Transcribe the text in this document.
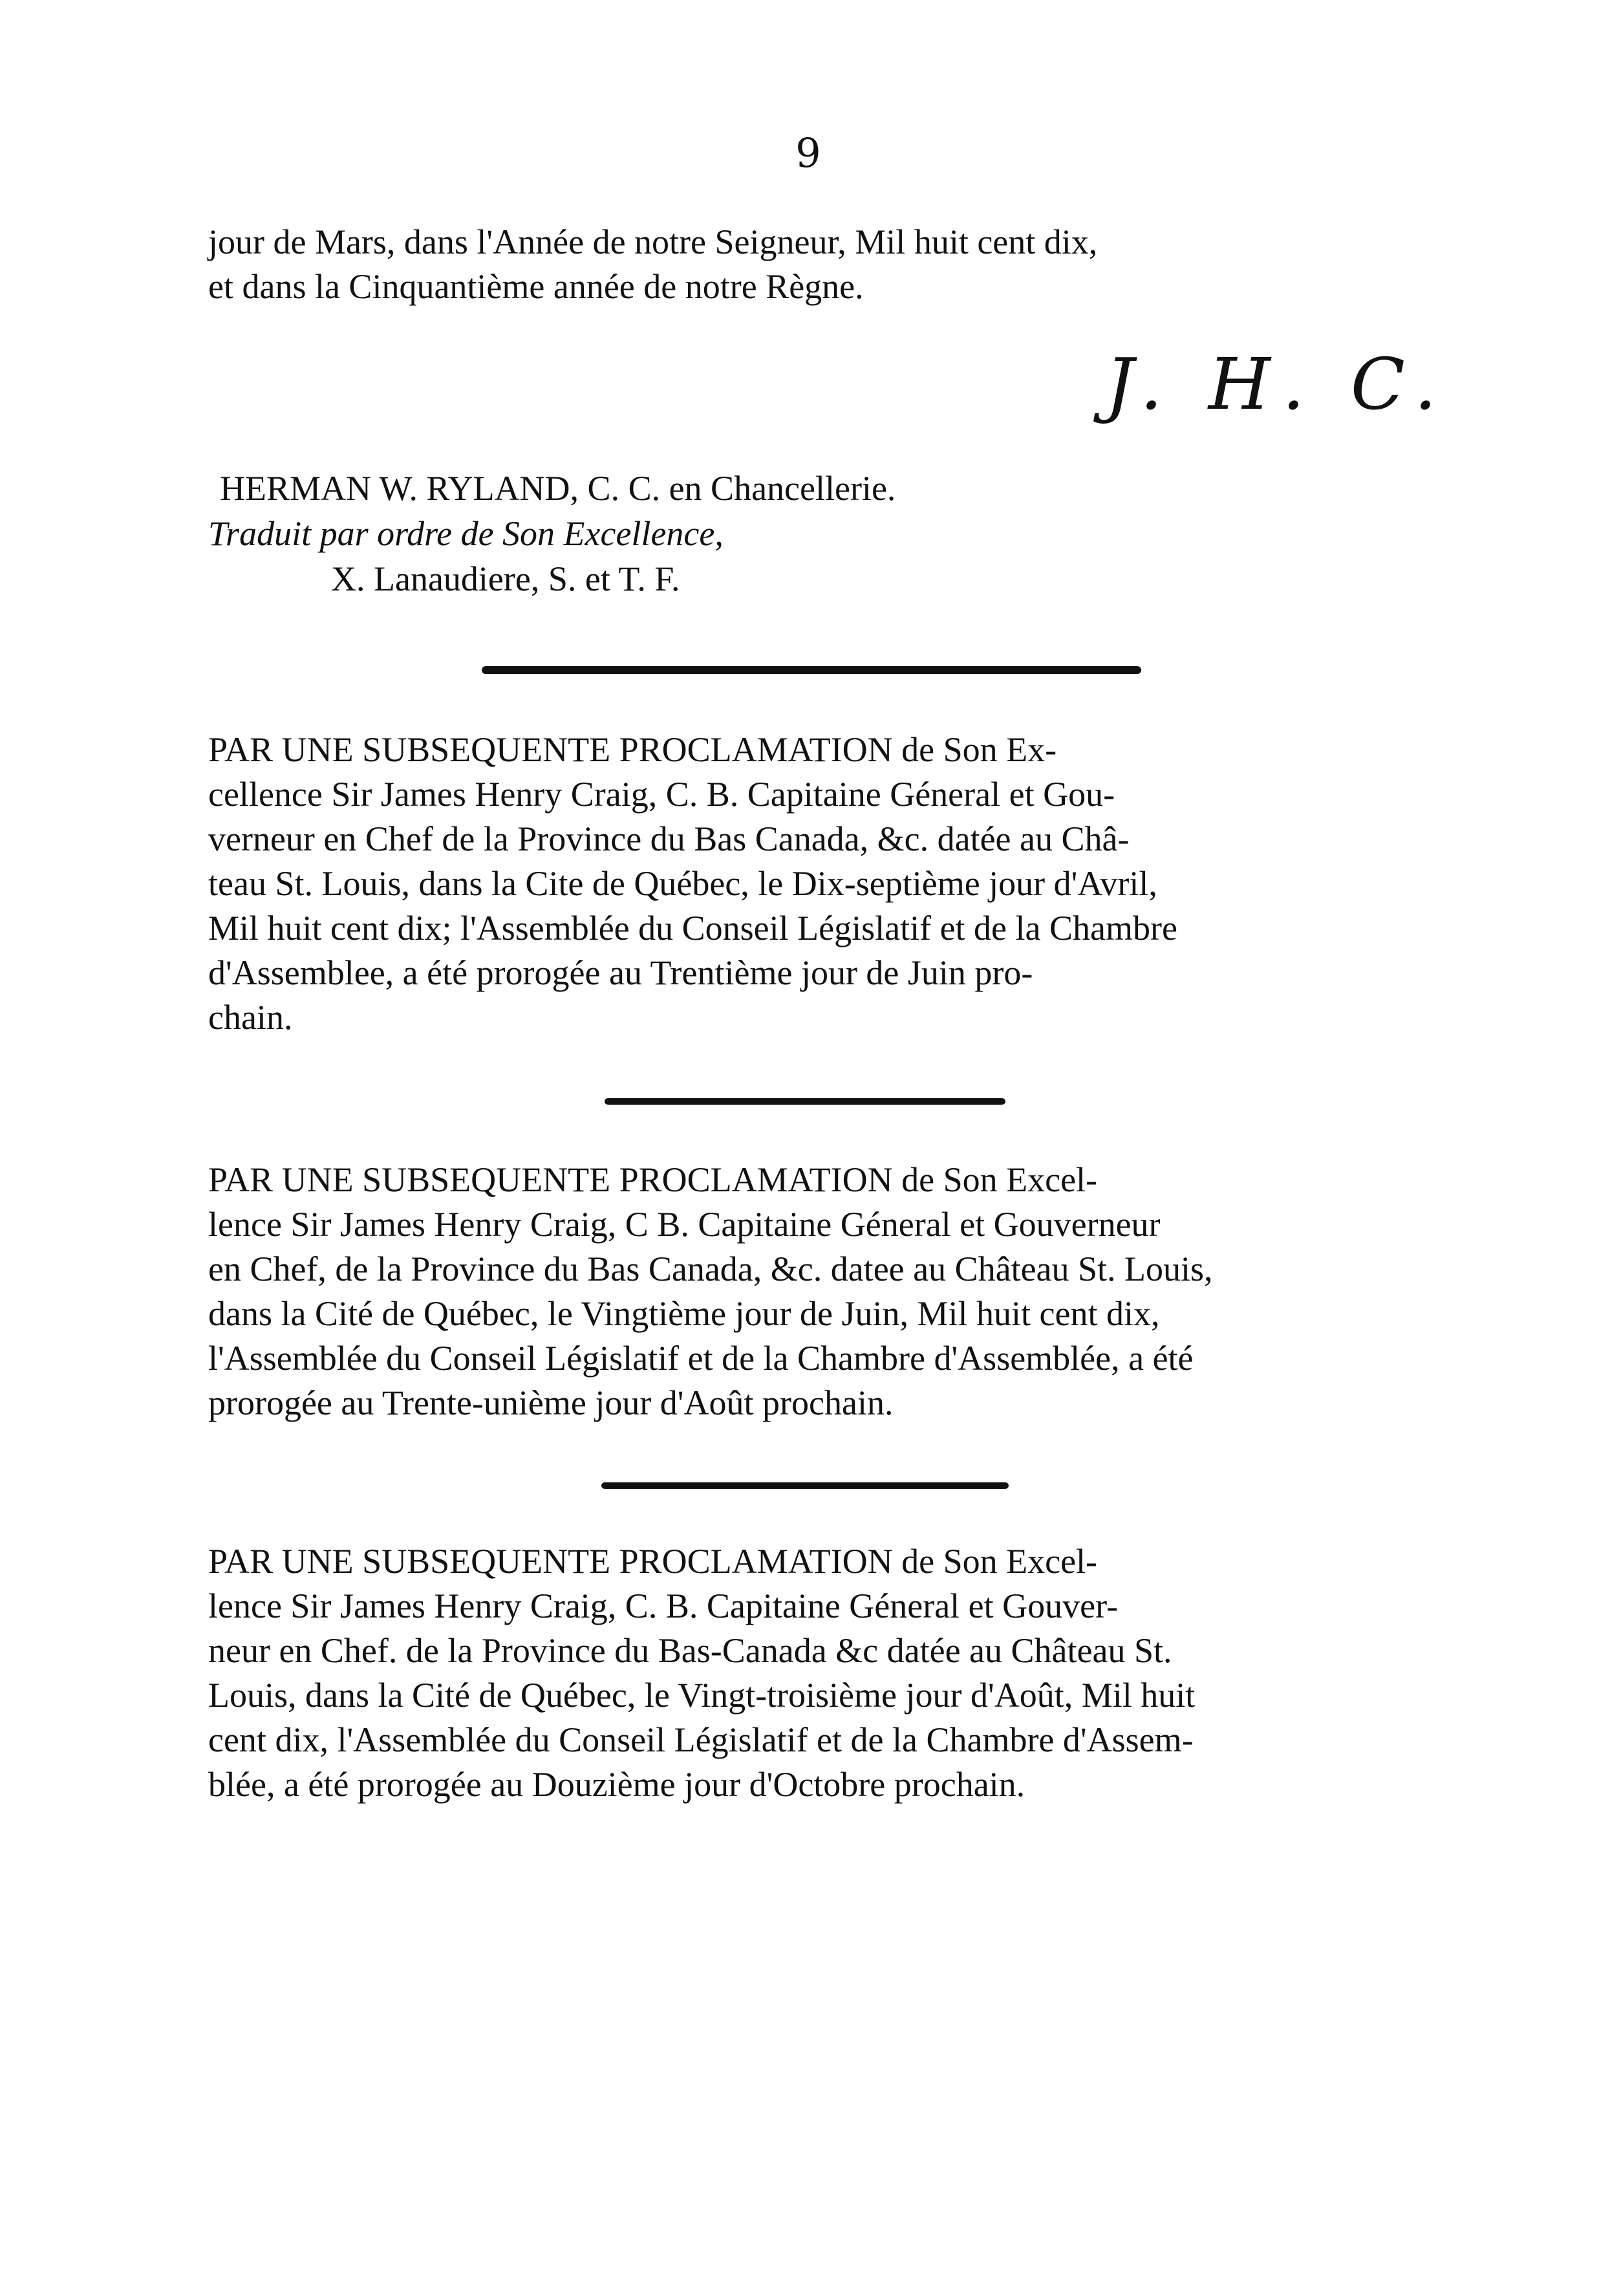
9

jour de Mars, dans l'Année de notre Seigneur, Mil huit cent dix,
et dans la Cinquantième année de notre Règne.

J. H. C.
HERMAN W. RYLAND, C. C. en Chancellerie.
Traduit par ordre de Son Excellence,
X. Lanaudiere, S. et T. F.

PAR UNE SUBSEQUENTE PROCLAMATION de Son Ex-
cellence Sir James Henry Craig, C. B. Capitaine Géneral et Gou-
verneur en Chef de la Province du Bas Canada, &c. datée au Châ-
teau St. Louis, dans la Cite de Québec, le Dix-septième jour d'Avril,
Mil huit cent dix; l'Assemblée du Conseil Législatif et de la Chambre
d'Assemblee, a été prorogée au Trentième jour de Juin pro-
chain.

PAR UNE SUBSEQUENTE PROCLAMATION de Son Excel-
lence Sir James Henry Craig, C B. Capitaine Géneral et Gouverneur
en Chef, de la Province du Bas Canada, &c. datee au Château St. Louis,
dans la Cité de Québec, le Vingtième jour de Juin, Mil huit cent dix,
l'Assemblée du Conseil Législatif et de la Chambre d'Assemblée, a été
prorogée au Trente-unième jour d'Août prochain.

PAR UNE SUBSEQUENTE PROCLAMATION de Son Excel-
lence Sir James Henry Craig, C. B. Capitaine Géneral et Gouver-
neur en Chef. de la Province du Bas-Canada &c datée au Château St.
Louis, dans la Cité de Québec, le Vingt-troisième jour d'Août, Mil huit
cent dix, l'Assemblée du Conseil Législatif et de la Chambre d'Assem-
blée, a été prorogée au Douzième jour d'Octobre prochain.
